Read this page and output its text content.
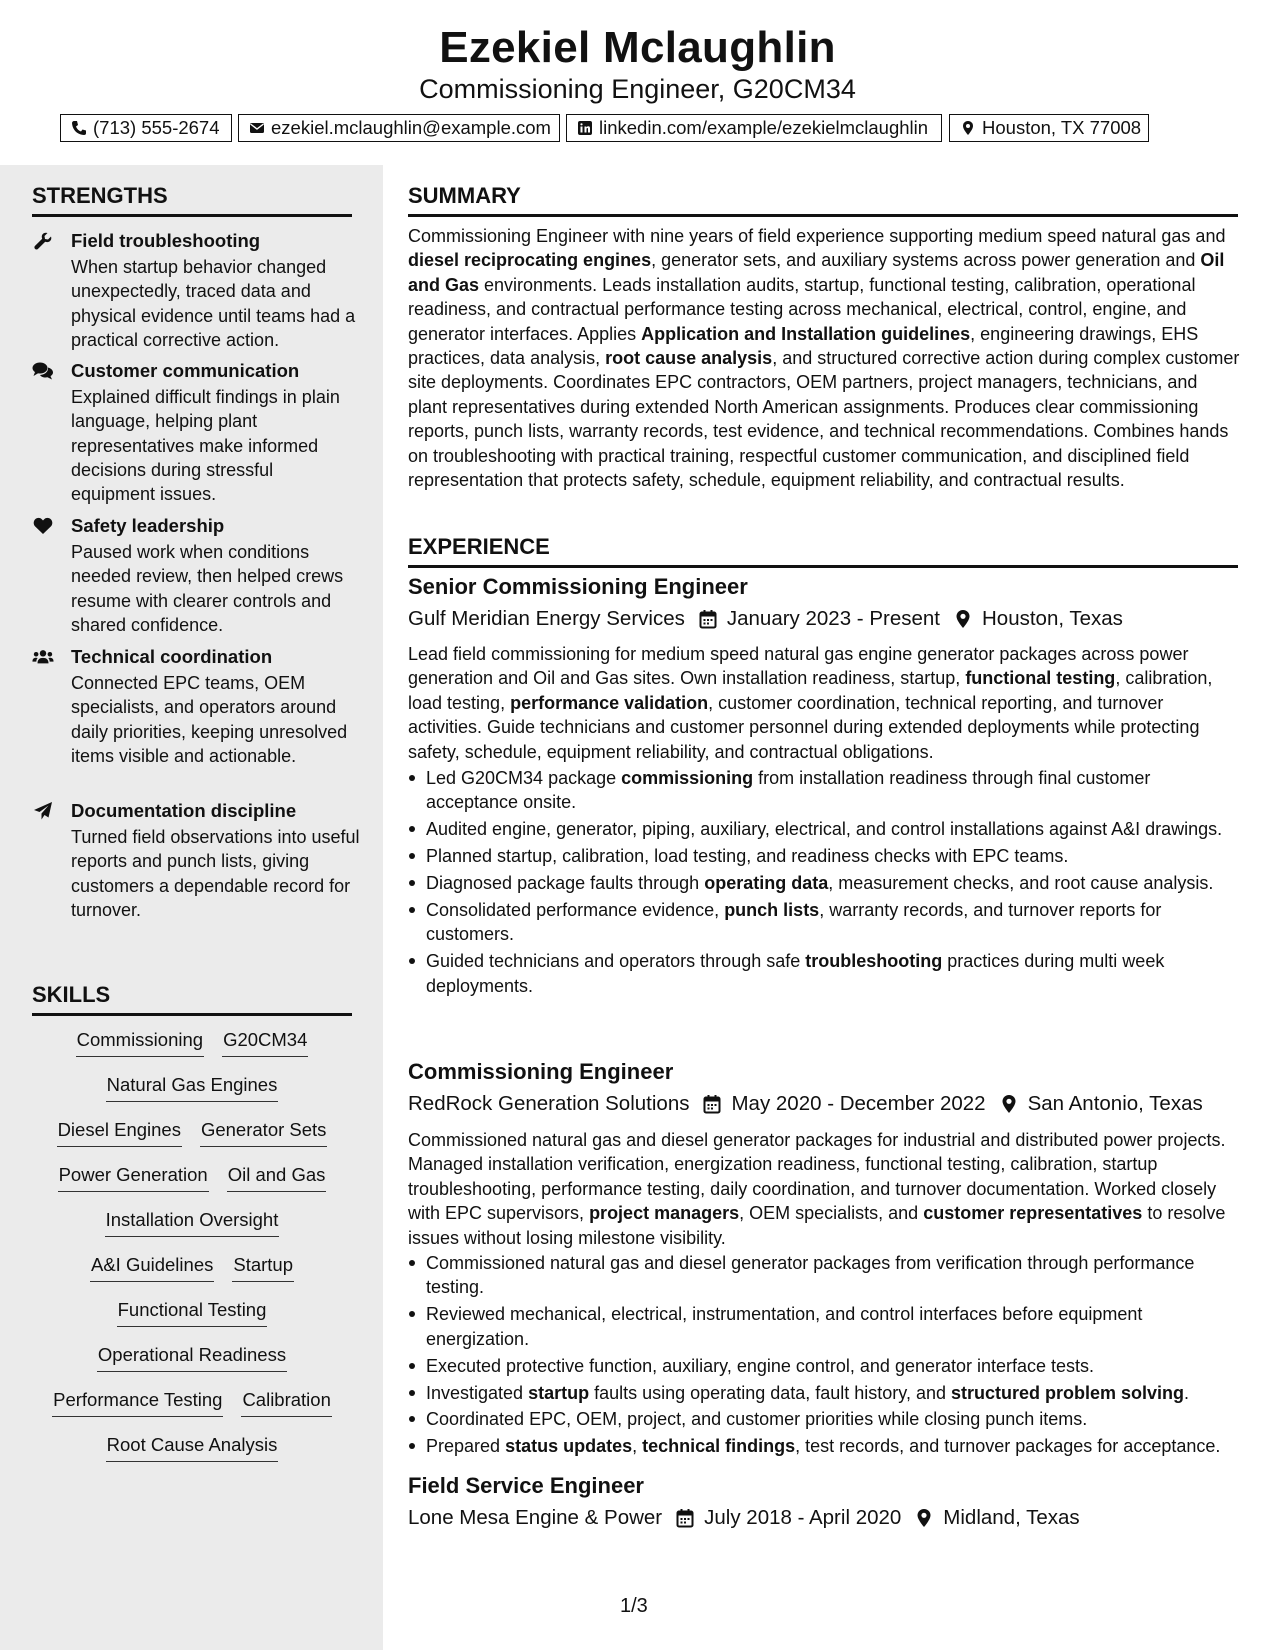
Ezekiel Mclaughlin
Commissioning Engineer, G20CM34
(713) 555-2674	ezekiel.mclaughlin@example.com	linkedin.com/example/ezekielmclaughlin	Houston, TX 77008
STRENGTHS
Field troubleshooting
When startup behavior changed unexpectedly, traced data and physical evidence until teams had a practical corrective action.
Customer communication
Explained difficult findings in plain language, helping plant representatives make informed decisions during stressful equipment issues.
Safety leadership
Paused work when conditions needed review, then helped crews resume with clearer controls and shared confidence.
Technical coordination
Connected EPC teams, OEM specialists, and operators around daily priorities, keeping unresolved items visible and actionable.
Documentation discipline
Turned field observations into useful reports and punch lists, giving customers a dependable record for turnover.
SKILLS
Commissioning G20CM34
Natural Gas Engines
Diesel Engines Generator Sets
Power Generation Oil and Gas
Installation Oversight
A&I Guidelines Startup
Functional Testing
Operational Readiness
Performance Testing Calibration
Root Cause Analysis
SUMMARY
Commissioning Engineer with nine years of field experience supporting medium speed natural gas and diesel reciprocating engines, generator sets, and auxiliary systems across power generation and Oil and Gas environments. Leads installation audits, startup, functional testing, calibration, operational readiness, and contractual performance testing across mechanical, electrical, control, engine, and generator interfaces. Applies Application and Installation guidelines, engineering drawings, EHS practices, data analysis, root cause analysis, and structured corrective action during complex customer site deployments. Coordinates EPC contractors, OEM partners, project managers, technicians, and plant representatives during extended North American assignments. Produces clear commissioning reports, punch lists, warranty records, test evidence, and technical recommendations. Combines hands on troubleshooting with practical training, respectful customer communication, and disciplined field representation that protects safety, schedule, equipment reliability, and contractual results.
EXPERIENCE
Senior Commissioning Engineer
Gulf Meridian Energy Services January 2023 - Present Houston, Texas
Lead field commissioning for medium speed natural gas engine generator packages across power generation and Oil and Gas sites. Own installation readiness, startup, functional testing, calibration, load testing, performance validation, customer coordination, technical reporting, and turnover activities. Guide technicians and customer personnel during extended deployments while protecting safety, schedule, equipment reliability, and contractual obligations.
Led G20CM34 package commissioning from installation readiness through final customer acceptance onsite.
Audited engine, generator, piping, auxiliary, electrical, and control installations against A&I drawings.
Planned startup, calibration, load testing, and readiness checks with EPC teams.
Diagnosed package faults through operating data, measurement checks, and root cause analysis.
Consolidated performance evidence, punch lists, warranty records, and turnover reports for customers.
Guided technicians and operators through safe troubleshooting practices during multi week deployments.
Commissioning Engineer
RedRock Generation Solutions May 2020 - December 2022 San Antonio, Texas
Commissioned natural gas and diesel generator packages for industrial and distributed power projects. Managed installation verification, energization readiness, functional testing, calibration, startup troubleshooting, performance testing, daily coordination, and turnover documentation. Worked closely with EPC supervisors, project managers, OEM specialists, and customer representatives to resolve issues without losing milestone visibility.
Commissioned natural gas and diesel generator packages from verification through performance testing.
Reviewed mechanical, electrical, instrumentation, and control interfaces before equipment energization.
Executed protective function, auxiliary, engine control, and generator interface tests.
Investigated startup faults using operating data, fault history, and structured problem solving.
Coordinated EPC, OEM, project, and customer priorities while closing punch items.
Prepared status updates, technical findings, test records, and turnover packages for acceptance.
Field Service Engineer
Lone Mesa Engine & Power July 2018 - April 2020 Midland, Texas
1/3
